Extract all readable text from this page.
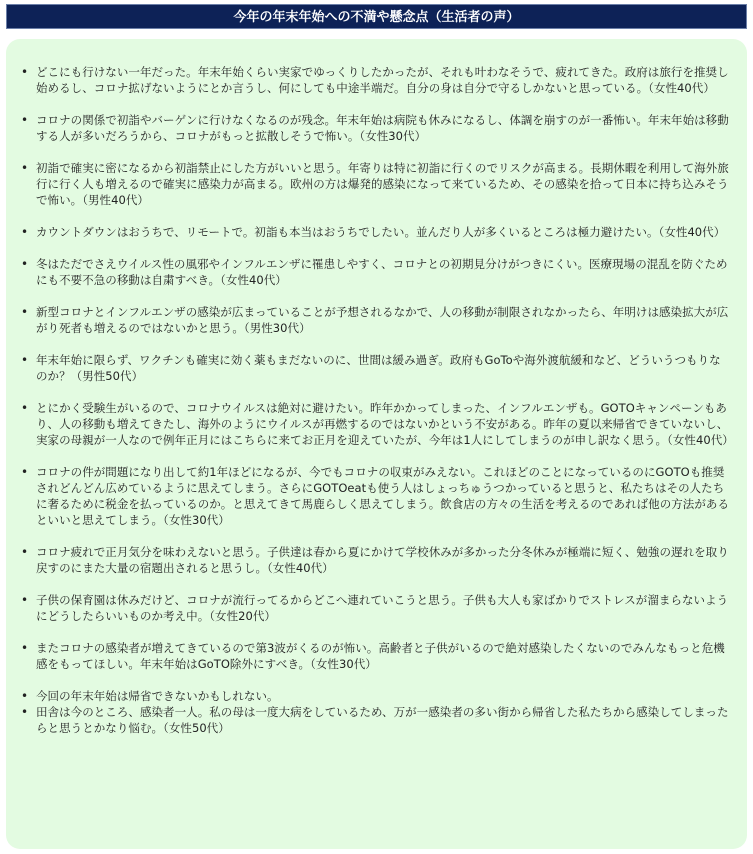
今年の年末年始への不満や懸念点（生活者の声）
• どこにも行けない一年だった。年末年始くらい実家でゆっくりしたかったが、それも叶わなそうで、疲れてきた。政府は旅行を推奨し始めるし、コロナ拡げないようにとか言うし、何にしても中途半端だ。自分の身は自分で守るしかないと思っている。（女性40代）
• コロナの関係で初詣やバーゲンに行けなくなるのが残念。年末年始は病院も休みになるし、体調を崩すのが一番怖い。年末年始は移動する人が多いだろうから、コロナがもっと拡散しそうで怖い。（女性30代）
• 初詣で確実に密になるから初詣禁止にした方がいいと思う。年寄りは特に初詣に行くのでリスクが高まる。長期休暇を利用して海外旅行に行く人も増えるので確実に感染力が高まる。欧州の方は爆発的感染になって来ているため、その感染を拾って日本に持ち込みそうで怖い。（男性40代）
• カウントダウンはおうちで、リモートで。初詣も本当はおうちでしたい。並んだり人が多くいるところは極力避けたい。（女性40代）
• 冬はただでさえウイルス性の風邪やインフルエンザに罹患しやすく、コロナとの初期見分けがつきにくい。医療現場の混乱を防ぐためにも不要不急の移動は自粛すべき。（女性40代）
• 新型コロナとインフルエンザの感染が広まっていることが予想されるなかで、人の移動が制限されなかったら、年明けは感染拡大が広がり死者も増えるのではないかと思う。（男性30代）
• 年末年始に限らず、ワクチンも確実に効く薬もまだないのに、世間は緩み過ぎ。政府もGoToや海外渡航緩和など、どういうつもりなのか？（男性50代）
• とにかく受験生がいるので、コロナウイルスは絶対に避けたい。昨年かかってしまった、インフルエンザも。GOTOキャンペーンもあり、人の移動も増えてきたし、海外のようにウイルスが再燃するのではないかという不安がある。昨年の夏以来帰省できていないし、実家の母親が一人なので例年正月にはこちらに来てお正月を迎えていたが、今年は1人にしてしまうのが申し訳なく思う。（女性40代）
• コロナの件が問題になり出して約1年ほどになるが、今でもコロナの収束がみえない。これほどのことになっているのにGOTOも推奨されどんどん広めているように思えてしまう。さらにGOTOeatも使う人はしょっちゅうつかっていると思うと、私たちはその人たちに奢るために税金を払っているのか。と思えてきて馬鹿らしく思えてしまう。飲食店の方々の生活を考えるのであれば他の方法があるといいと思えてしまう。（女性30代）
• コロナ疲れで正月気分を味わえないと思う。子供達は春から夏にかけて学校休みが多かった分冬休みが極端に短く、勉強の遅れを取り戻すのにまた大量の宿題出されると思うし。（女性40代）
• 子供の保育園は休みだけど、コロナが流行ってるからどこへ連れていこうと思う。子供も大人も家ばかりでストレスが溜まらないようにどうしたらいいものか考え中。（女性20代）
• またコロナの感染者が増えてきているので第3波がくるのが怖い。高齢者と子供がいるので絶対感染したくないのでみんなもっと危機感をもってほしい。年末年始はGoTO除外にすべき。（女性30代）
• 今回の年末年始は帰省できないかもしれない。
• 田舎は今のところ、感染者一人。私の母は一度大病をしているため、万が一感染者の多い街から帰省した私たちから感染してしまったらと思うとかなり悩む。（女性50代）
